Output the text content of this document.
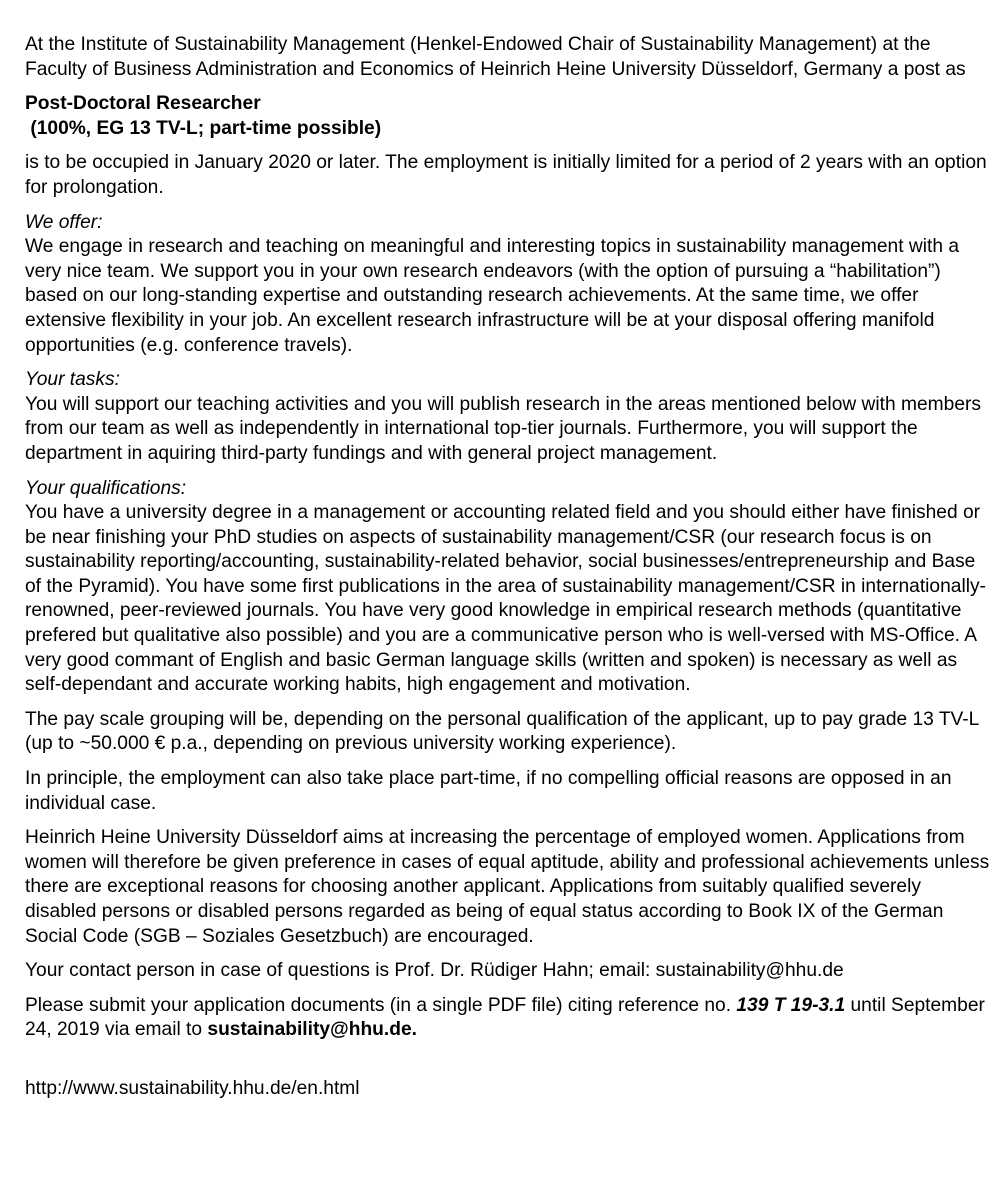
At the Institute of Sustainability Management (Henkel-Endowed Chair of Sustainability Management) at the Faculty of Business Administration and Economics of Heinrich Heine University Düsseldorf, Germany a post as

Post-Doctoral Researcher
(100%, EG 13 TV-L; part-time possible)

is to be occupied in January 2020 or later. The employment is initially limited for a period of 2 years with an option for prolongation.

We offer:

We engage in research and teaching on meaningful and interesting topics in sustainability management with a very nice team. We support you in your own research endeavors (with the option of pursuing a “habilitation”) based on our long-standing expertise and outstanding research achievements. At the same time, we offer extensive flexibility in your job. An excellent research infrastructure will be at your disposal offering manifold opportunities (e.g. conference travels).

Your tasks:

You will support our teaching activities and you will publish research in the areas mentioned below with members from our team as well as independently in international top-tier journals. Furthermore, you will support the department in aquiring third-party fundings and with general project management.

Your qualifications:

You have a university degree in a management or accounting related field and you should either have finished or be near finishing your PhD studies on aspects of sustainability management/CSR (our research focus is on sustainability reporting/accounting, sustainability-related behavior, social businesses/entrepreneurship and Base of the Pyramid). You have some first publications in the area of sustainability management/CSR in internationally-renowned, peer-reviewed journals. You have very good knowledge in empirical research methods (quantitative prefered but qualitative also possible) and you are a communicative person who is well-versed with MS-Office. A very good commant of English and basic German language skills (written and spoken) is necessary as well as self-dependant and accurate working habits, high engagement and motivation.

The pay scale grouping will be, depending on the personal qualification of the applicant, up to pay grade 13 TV-L (up to ~50.000 € p.a., depending on previous university working experience).

In principle, the employment can also take place part-time, if no compelling official reasons are opposed in an individual case.

Heinrich Heine University Düsseldorf aims at increasing the percentage of employed women. Applications from women will therefore be given preference in cases of equal aptitude, ability and professional achievements unless there are exceptional reasons for choosing another applicant. Applications from suitably qualified severely disabled persons or disabled persons regarded as being of equal status according to Book IX of the German Social Code (SGB – Soziales Gesetzbuch) are encouraged.

Your contact person in case of questions is Prof. Dr. Rüdiger Hahn; email: sustainability@hhu.de

Please submit your application documents (in a single PDF file) citing reference no. 139 T 19-3.1 until September 24, 2019 via email to sustainability@hhu.de.

http://www.sustainability.hhu.de/en.html
